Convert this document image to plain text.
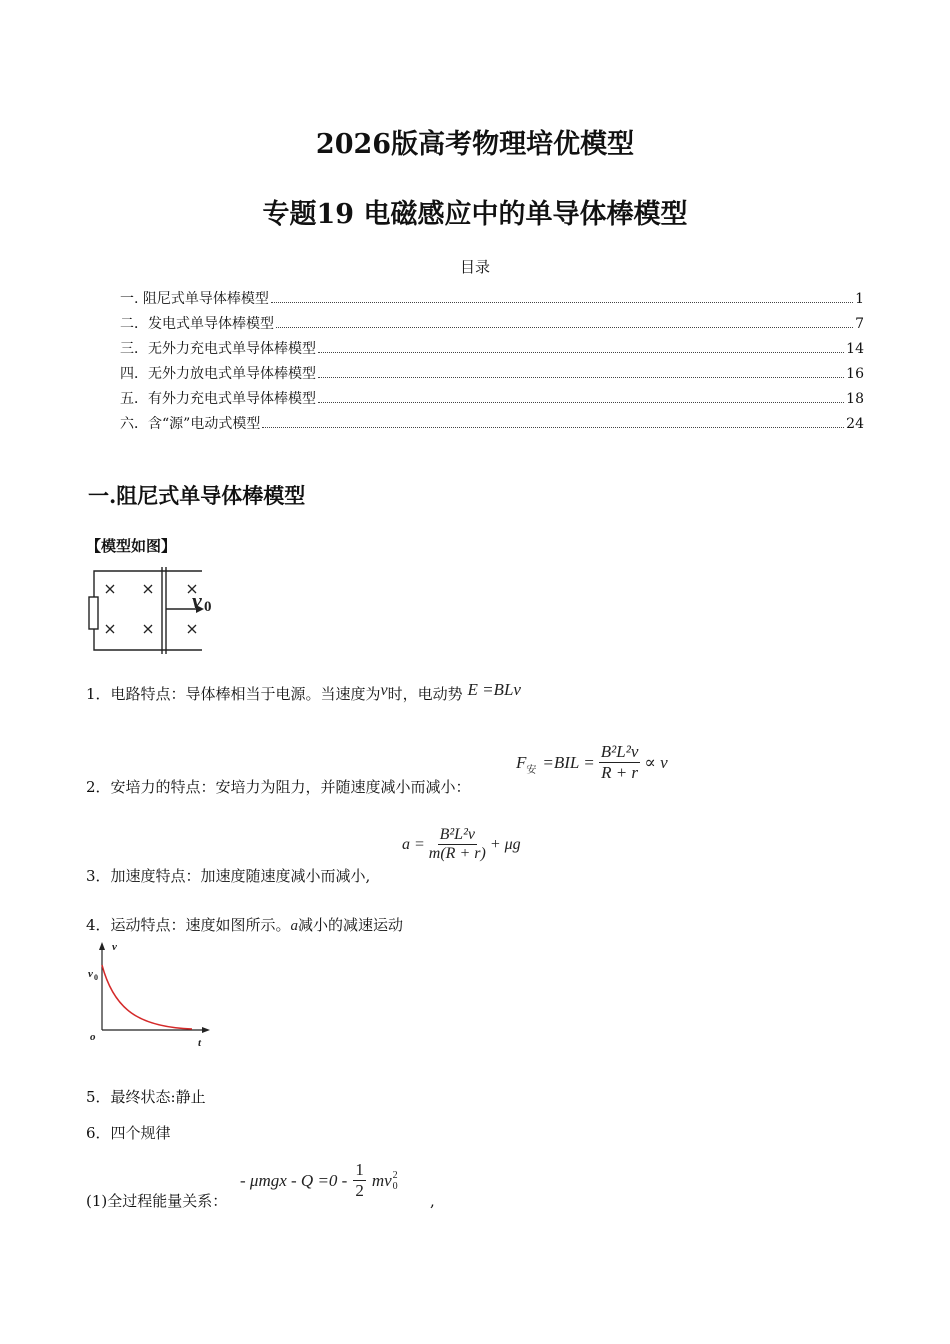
2026版高考物理培优模型
专题19 电磁感应中的单导体棒模型
目录
一. 阻尼式单导体棒模型	1
二．发电式单导体棒模型	7
三．无外力充电式单导体棒模型	14
四．无外力放电式单导体棒模型	16
五．有外力充电式单导体棒模型	18
六．含“源”电动式模型	24
一.阻尼式单导体棒模型
【模型如图】
v 0
1．电路特点：导体棒相当于电源。当速度为v时，电动势 E =BLv
2．安培力的特点：安培力为阻力，并随速度减小而减小：
F 安 $=BIL = \frac{\text{B²L²v}}{R + r} \propto v$
3．加速度特点：加速度随速度减小而减小,
$a = \frac{\text{B²L²v}}{m(R + r)} + \mu g$
4．运动特点：速度如图所示。a减小的减速运动
v
v 0
o	t
5．最终状态:静止
6．四个规律
(1)全过程能量关系：
- $\mu mgx - Q =0 - \frac{1}{2}$ mv 2
0
,
